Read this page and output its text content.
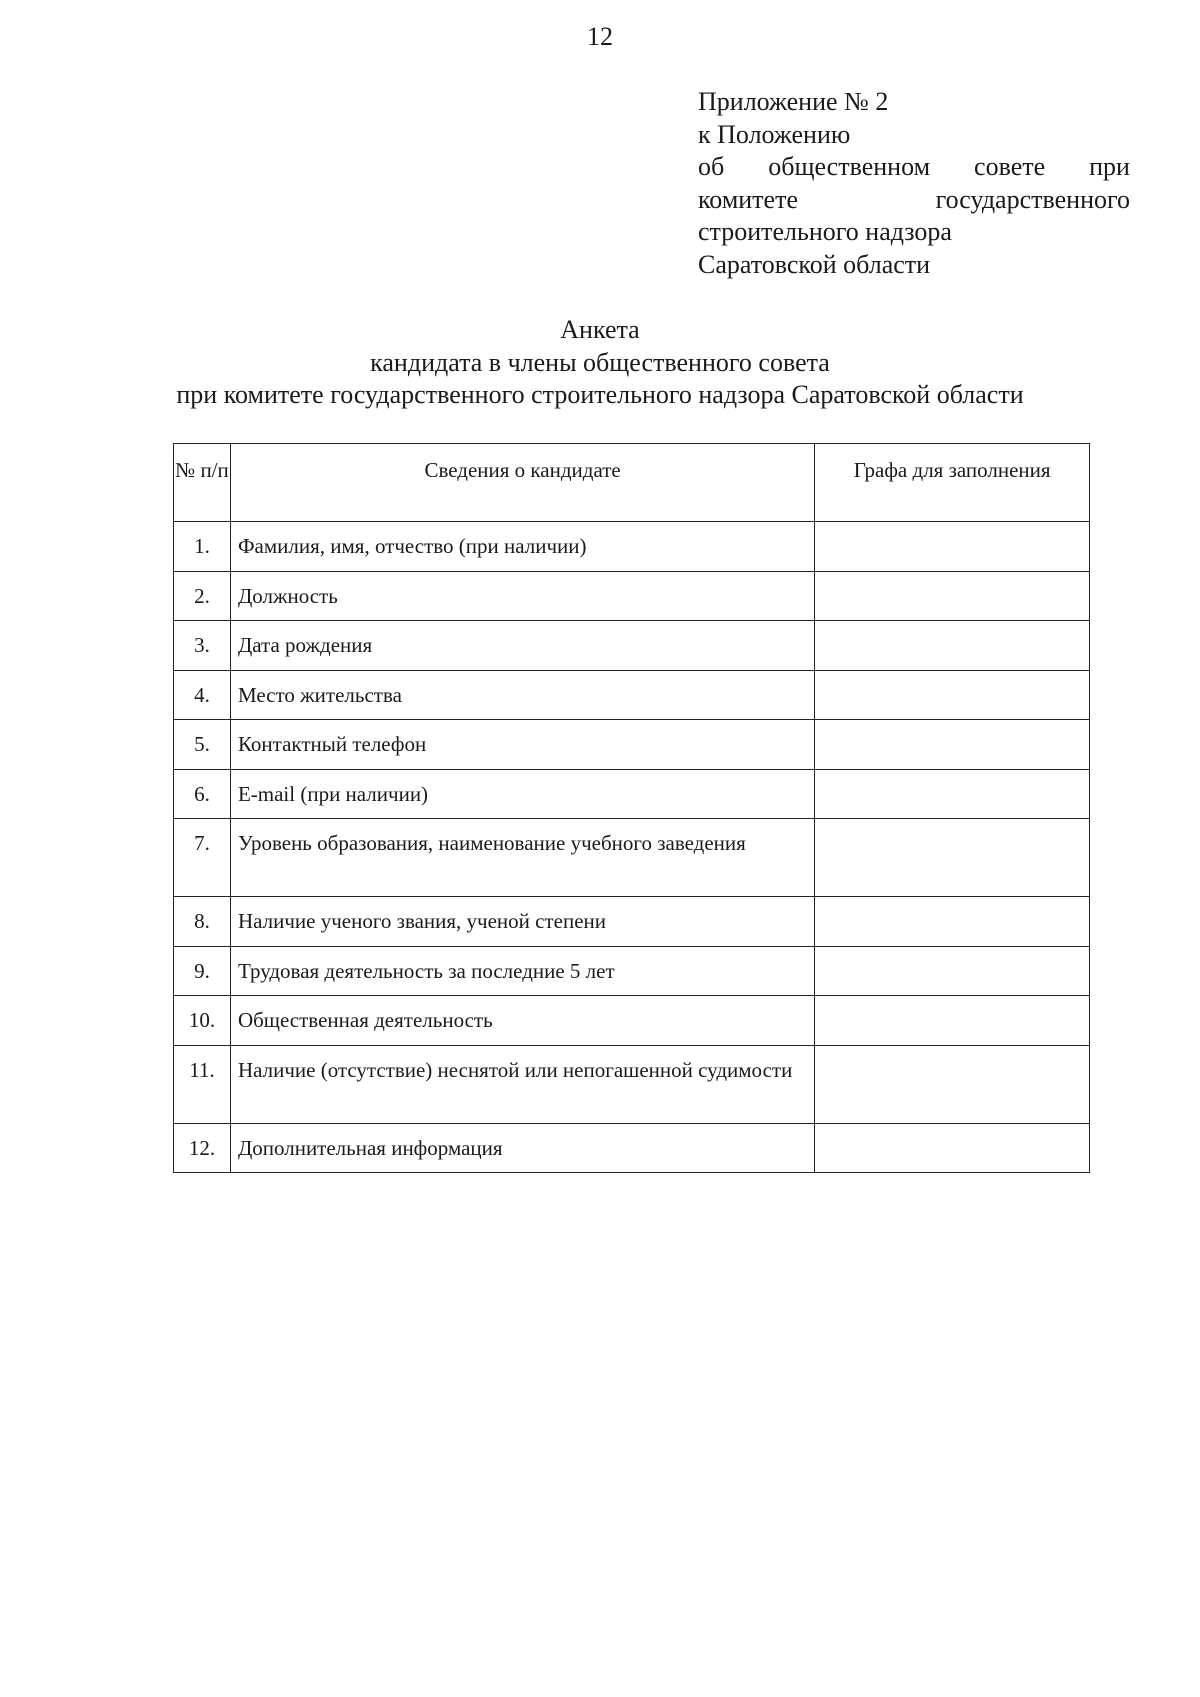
12
Приложение № 2
к Положению
об общественном совете при
комитете	государственного
строительного надзора
Саратовской области
Анкета
кандидата в члены общественного совета
при комитете государственного строительного надзора Саратовской области
№ п/п	Сведения о кандидате	Графа для заполнения
1.	Фамилия, имя, отчество (при наличии)	
2.	Должность	
3.	Дата рождения	
4.	Место жительства	
5.	Контактный телефон	
6.	E-mail (при наличии)	
7.	Уровень образования, наименование учебного заведения	
8.	Наличие ученого звания, ученой степени	
9.	Трудовая деятельность за последние 5 лет	
10.	Общественная деятельность	
11.	Наличие (отсутствие) неснятой или непогашенной судимости	
12.	Дополнительная информация	
